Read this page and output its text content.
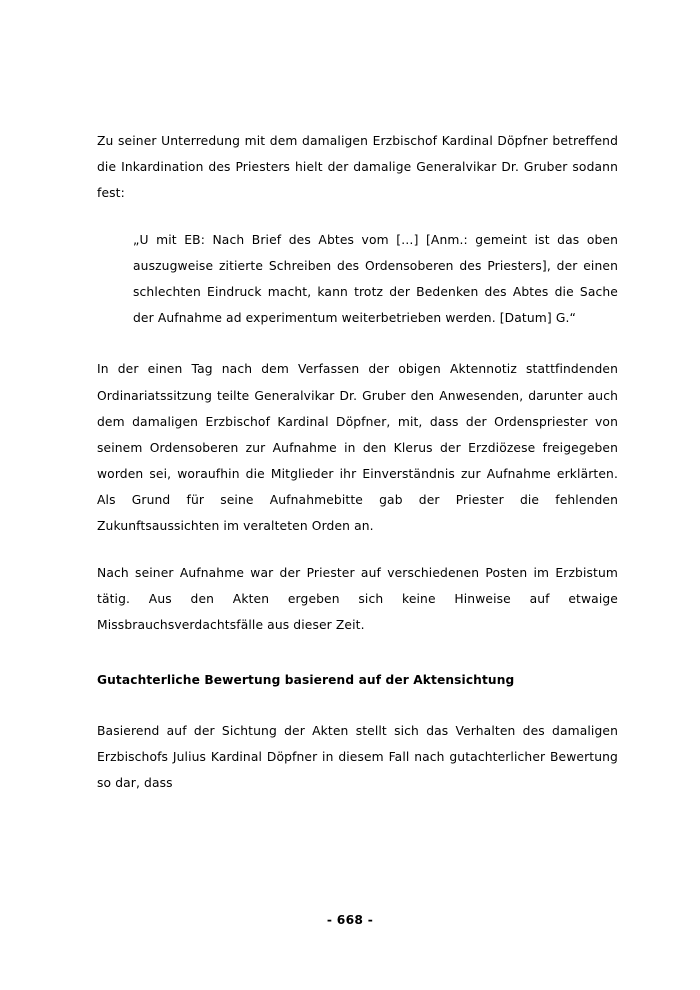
Zu seiner Unterredung mit dem damaligen Erzbischof Kardinal Döpfner betreffend die Inkardination des Priesters hielt der damalige Generalvikar Dr. Gruber sodann fest:

„U mit EB: Nach Brief des Abtes vom […] [Anm.: gemeint ist das oben auszugweise zitierte Schreiben des Ordensoberen des Priesters], der einen schlechten Eindruck macht, kann trotz der Bedenken des Abtes die Sache der Aufnahme ad experimentum weiterbetrieben werden. [Datum] G.“

In der einen Tag nach dem Verfassen der obigen Aktennotiz stattfindenden Ordinariatssitzung teilte Generalvikar Dr. Gruber den Anwesenden, darunter auch dem damaligen Erzbischof Kardinal Döpfner, mit, dass der Ordenspriester von seinem Ordensoberen zur Aufnahme in den Klerus der Erzdiözese freigegeben worden sei, woraufhin die Mitglieder ihr Einverständnis zur Aufnahme erklärten. Als Grund für seine Aufnahmebitte gab der Priester die fehlenden Zukunftsaussichten im veralteten Orden an.

Nach seiner Aufnahme war der Priester auf verschiedenen Posten im Erzbistum tätig. Aus den Akten ergeben sich keine Hinweise auf etwaige Missbrauchsverdachtsfälle aus dieser Zeit.

Gutachterliche Bewertung basierend auf der Aktensichtung

Basierend auf der Sichtung der Akten stellt sich das Verhalten des damaligen Erzbischofs Julius Kardinal Döpfner in diesem Fall nach gutachterlicher Bewertung so dar, dass

- 668 -
